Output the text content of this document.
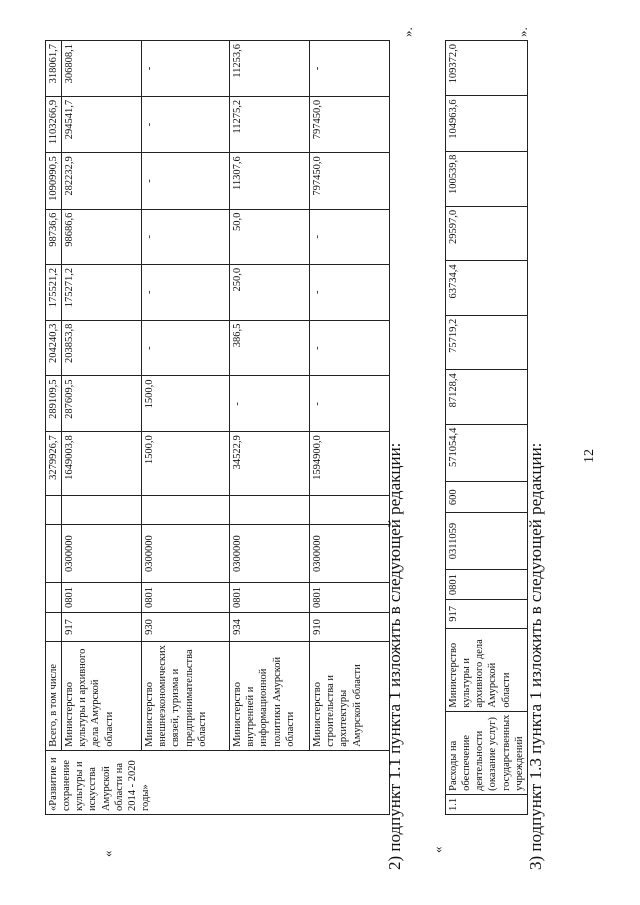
12
«
«Развитие и сохранение культуры и искусства Амурской области на 2014 - 2020 годы»	Всего, в том числе					3279926,7	289109,5	204240,3	175521,2	98736,6	1090990,5	1103266,9	318061,7
	Министерство культуры и архивного дела Амурской области	917	0801	0300000		1649003,8	287609,5	203853,8	175271,2	98686,6	282232,9	294541,7	306808,1
	Министерство внешнеэкономических связей, туризма и предпринимательства области	930	0801	0300000		1500,0	1500,0	-	-	-	-	-	-
	Министерство внутренней и информационной политики Амурской области	934	0801	0300000		34522,9	-	386,5	250,0	50,0	11307,6	11275,2	11253,6
	Министерство строительства и архитектуры Амурской области	910	0801	0300000		1594900,0	-	-	-	-	797450,0	797450,0	-
».
2) подпункт 1.1 пункта 1 изложить в следующей редакции: «
1.1	Расходы на обеспечение деятельности (оказание услуг) государственных учреждений	Министерство культуры и архивного дела Амурской области	917	0801	0311059	600	571054,4	87128,4	75719,2	63734,4	29597,0	100539,8	104963,6	109372,0
».
3) подпункт 1.3 пункта 1 изложить в следующей редакции:
